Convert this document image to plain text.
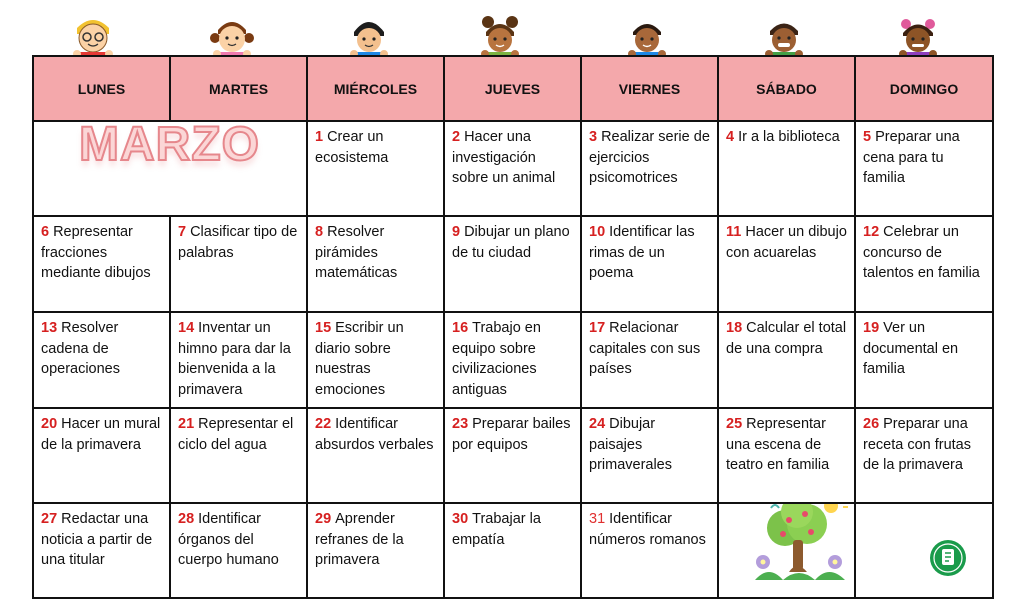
LUNES	MARTES	MIÉRCOLES	JUEVES	VIERNES	SÁBADO	DOMINGO

MARZO		1 Crear un ecosistema	2 Hacer una investigación sobre un animal	3 Realizar serie de ejercicios psicomotrices	4 Ir a la biblioteca	5 Preparar una cena para tu familia
6 Representar fracciones mediante dibujos	7 Clasificar tipo de palabras	8 Resolver pirámides matemáticas	9 Dibujar un plano de tu ciudad	10 Identificar las rimas de un poema	11 Hacer un dibujo con acuarelas	12 Celebrar un concurso de talentos en familia
13 Resolver cadena de operaciones	14 Inventar un himno para dar la bienvenida a la primavera	15 Escribir un diario sobre nuestras emociones	16 Trabajo en equipo sobre civilizaciones antiguas	17 Relacionar capitales con sus países	18 Calcular el total de una compra	19 Ver un documental en familia
20 Hacer un mural de la primavera	21 Representar el ciclo del agua	22 Identificar absurdos verbales	23 Preparar bailes por equipos	24 Dibujar paisajes primaverales	25 Representar una escena de teatro en familia	26 Preparar una receta con frutas de la primavera
27 Redactar una noticia a partir de una titular	28 Identificar órganos del cuerpo humano	29 Aprender refranes de la primavera	30 Trabajar la empatía	31 Identificar números romanos	
